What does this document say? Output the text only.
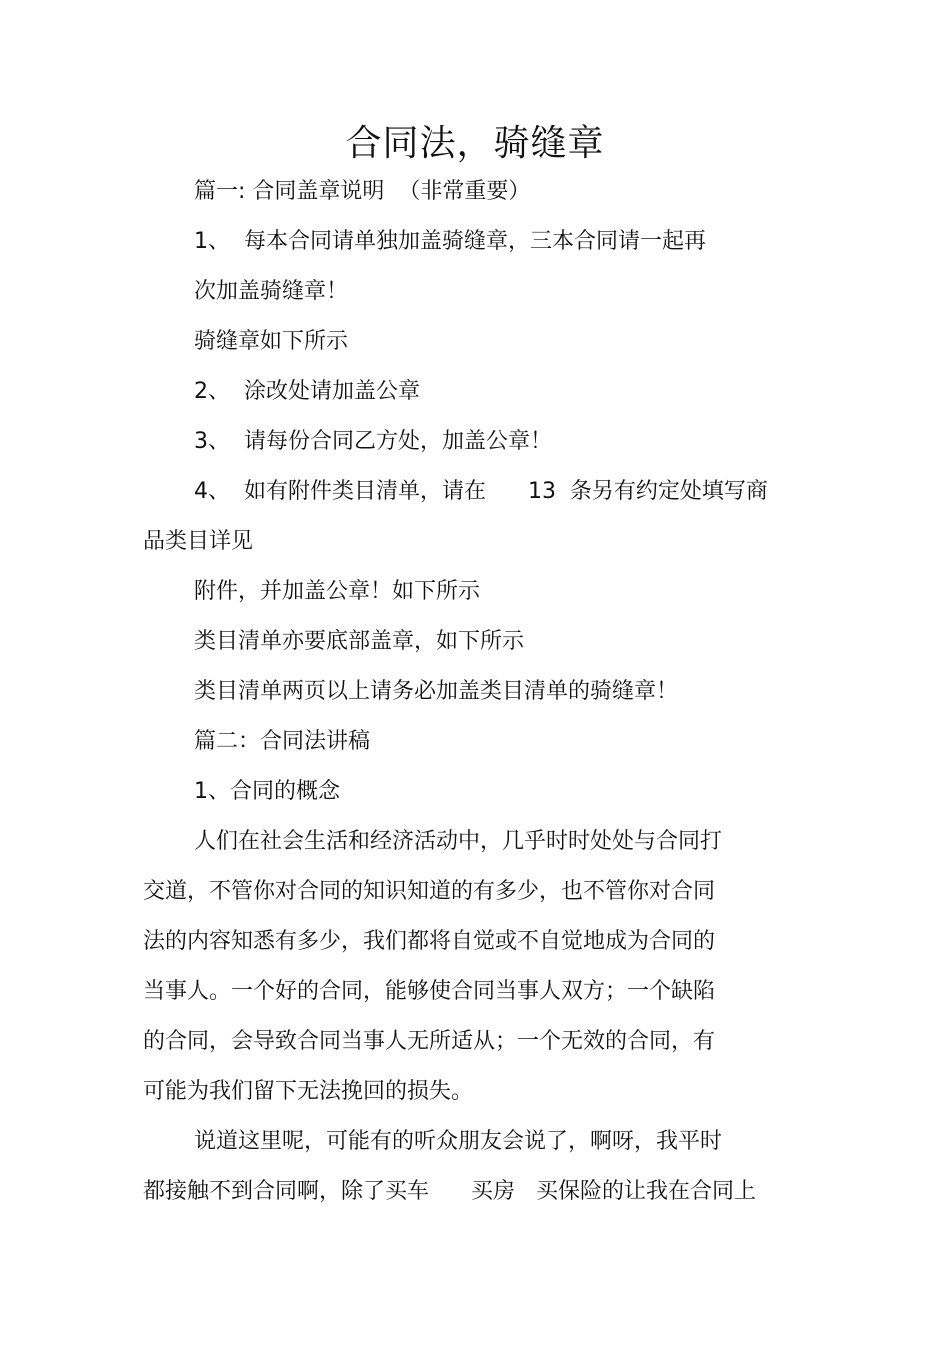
合同法，骑缝章
篇一: 合同盖章说明  （非常重要）
1、  每本合同请单独加盖骑缝章，三本合同请一起再
次加盖骑缝章！
骑缝章如下所示
2、  涂改处请加盖公章
3、  请每份合同乙方处，加盖公章！
4、  如有附件类目清单，请在      13  条另有约定处填写商
品类目详见
附件，并加盖公章！如下所示
类目清单亦要底部盖章，如下所示
类目清单两页以上请务必加盖类目清单的骑缝章！
篇二：合同法讲稿
1、合同的概念
人们在社会生活和经济活动中，几乎时时处处与合同打
交道，不管你对合同的知识知道的有多少，也不管你对合同
法的内容知悉有多少，我们都将自觉或不自觉地成为合同的
当事人。一个好的合同，能够使合同当事人双方；一个缺陷
的合同，会导致合同当事人无所适从；一个无效的合同，有
可能为我们留下无法挽回的损失。
说道这里呢，可能有的听众朋友会说了，啊呀，我平时
都接触不到合同啊，除了买车      买房   买保险的让我在合同上
